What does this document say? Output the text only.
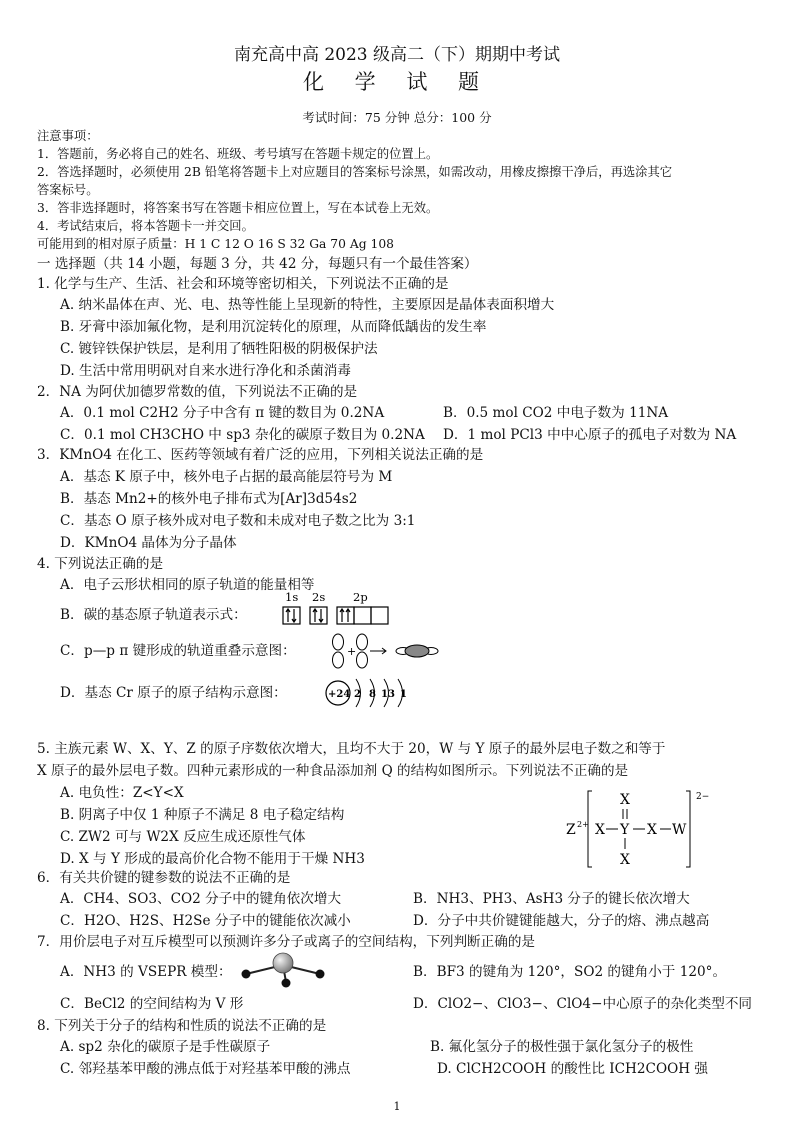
南充高中高 2023 级高二（下）期期中考试
化 学 试 题
考试时间：75 分钟 总分：100 分
注意事项：
1．答题前，务必将自己的姓名、班级、考号填写在答题卡规定的位置上。
2．答选择题时，必须使用 2B 铅笔将答题卡上对应题目的答案标号涂黑，如需改动，用橡皮擦擦干净后，再选涂其它
答案标号。
3．答非选择题时，将答案书写在答题卡相应位置上，写在本试卷上无效。
4．考试结束后，将本答题卡一并交回。
可能用到的相对原子质量：H 1 C 12 O 16 S 32 Ga 70 Ag 108
一 选择题（共 14 小题，每题 3 分，共 42 分，每题只有一个最佳答案）
1. 化学与生产、生活、社会和环境等密切相关，下列说法不正确的是
A. 纳米晶体在声、光、电、热等性能上呈现新的特性，主要原因是晶体表面积增大
B. 牙膏中添加氟化物，是利用沉淀转化的原理，从而降低龋齿的发生率
C. 镀锌铁保护铁层，是利用了牺牲阳极的阴极保护法
D. 生活中常用明矾对自来水进行净化和杀菌消毒
2．NA 为阿伏加德罗常数的值，下列说法不正确的是
A．0.1 mol C2H2 分子中含有 π 键的数目为 0.2NA	B．0.5 mol CO2 中电子数为 11NA
C．0.1 mol CH3CHO 中 sp3 杂化的碳原子数目为 0.2NA D．1 mol PCl3 中中心原子的孤电子对数为 NA
3．KMnO4 在化工、医药等领域有着广泛的应用，下列相关说法正确的是
A．基态 K 原子中，核外电子占据的最高能层符号为 M
B．基态 Mn2+的核外电子排布式为[Ar]3d54s2
C．基态 O 原子核外成对电子数和未成对电子数之比为 3:1
D．KMnO4 晶体为分子晶体
4. 下列说法正确的是
A．电子云形状相同的原子轨道的能量相等
B．碳的基态原子轨道表示式：
1s 2s 2p
C．p—p π 键形成的轨道重叠示意图：	+
D．基态 Cr 原子的原子结构示意图：	+24 2 8 13 1
5. 主族元素 W、X、Y、Z 的原子序数依次增大，且均不大于 20，W 与 Y 原子的最外层电子数之和等于
X 原子的最外层电子数。四种元素形成的一种食品添加剂 Q 的结构如图所示。下列说法不正确的是
A. 电负性：Z<Y<X
B. 阴离子中仅 1 种原子不满足 8 电子稳定结构
C. ZW2 可与 W2X 反应生成还原性气体
D. X 与 Y 形成的最高价化合物不能用于干燥 NH3
Z 2+ X Y
X
X
X W
2−
6．有关共价键的键参数的说法不正确的是
A．CH4、SO3、CO2 分子中的键角依次增大	B．NH3、PH3、AsH3 分子的键长依次增大
C．H2O、H2S、H2Se 分子中的键能依次减小	D．分子中共价键键能越大，分子的熔、沸点越高
7．用价层电子对互斥模型可以预测许多分子或离子的空间结构，下列判断正确的是
A．NH3 的 VSEPR 模型：	B．BF3 的键角为 120°，SO2 的键角小于 120°。
C．BeCl2 的空间结构为 V 形	D．ClO2−、ClO3−、ClO4−中心原子的杂化类型不同
8. 下列关于分子的结构和性质的说法不正确的是
A. sp2 杂化的碳原子是手性碳原子	B. 氟化氢分子的极性强于氯化氢分子的极性
C. 邻羟基苯甲酸的沸点低于对羟基苯甲酸的沸点	D. ClCH2COOH 的酸性比 ICH2COOH 强
1
